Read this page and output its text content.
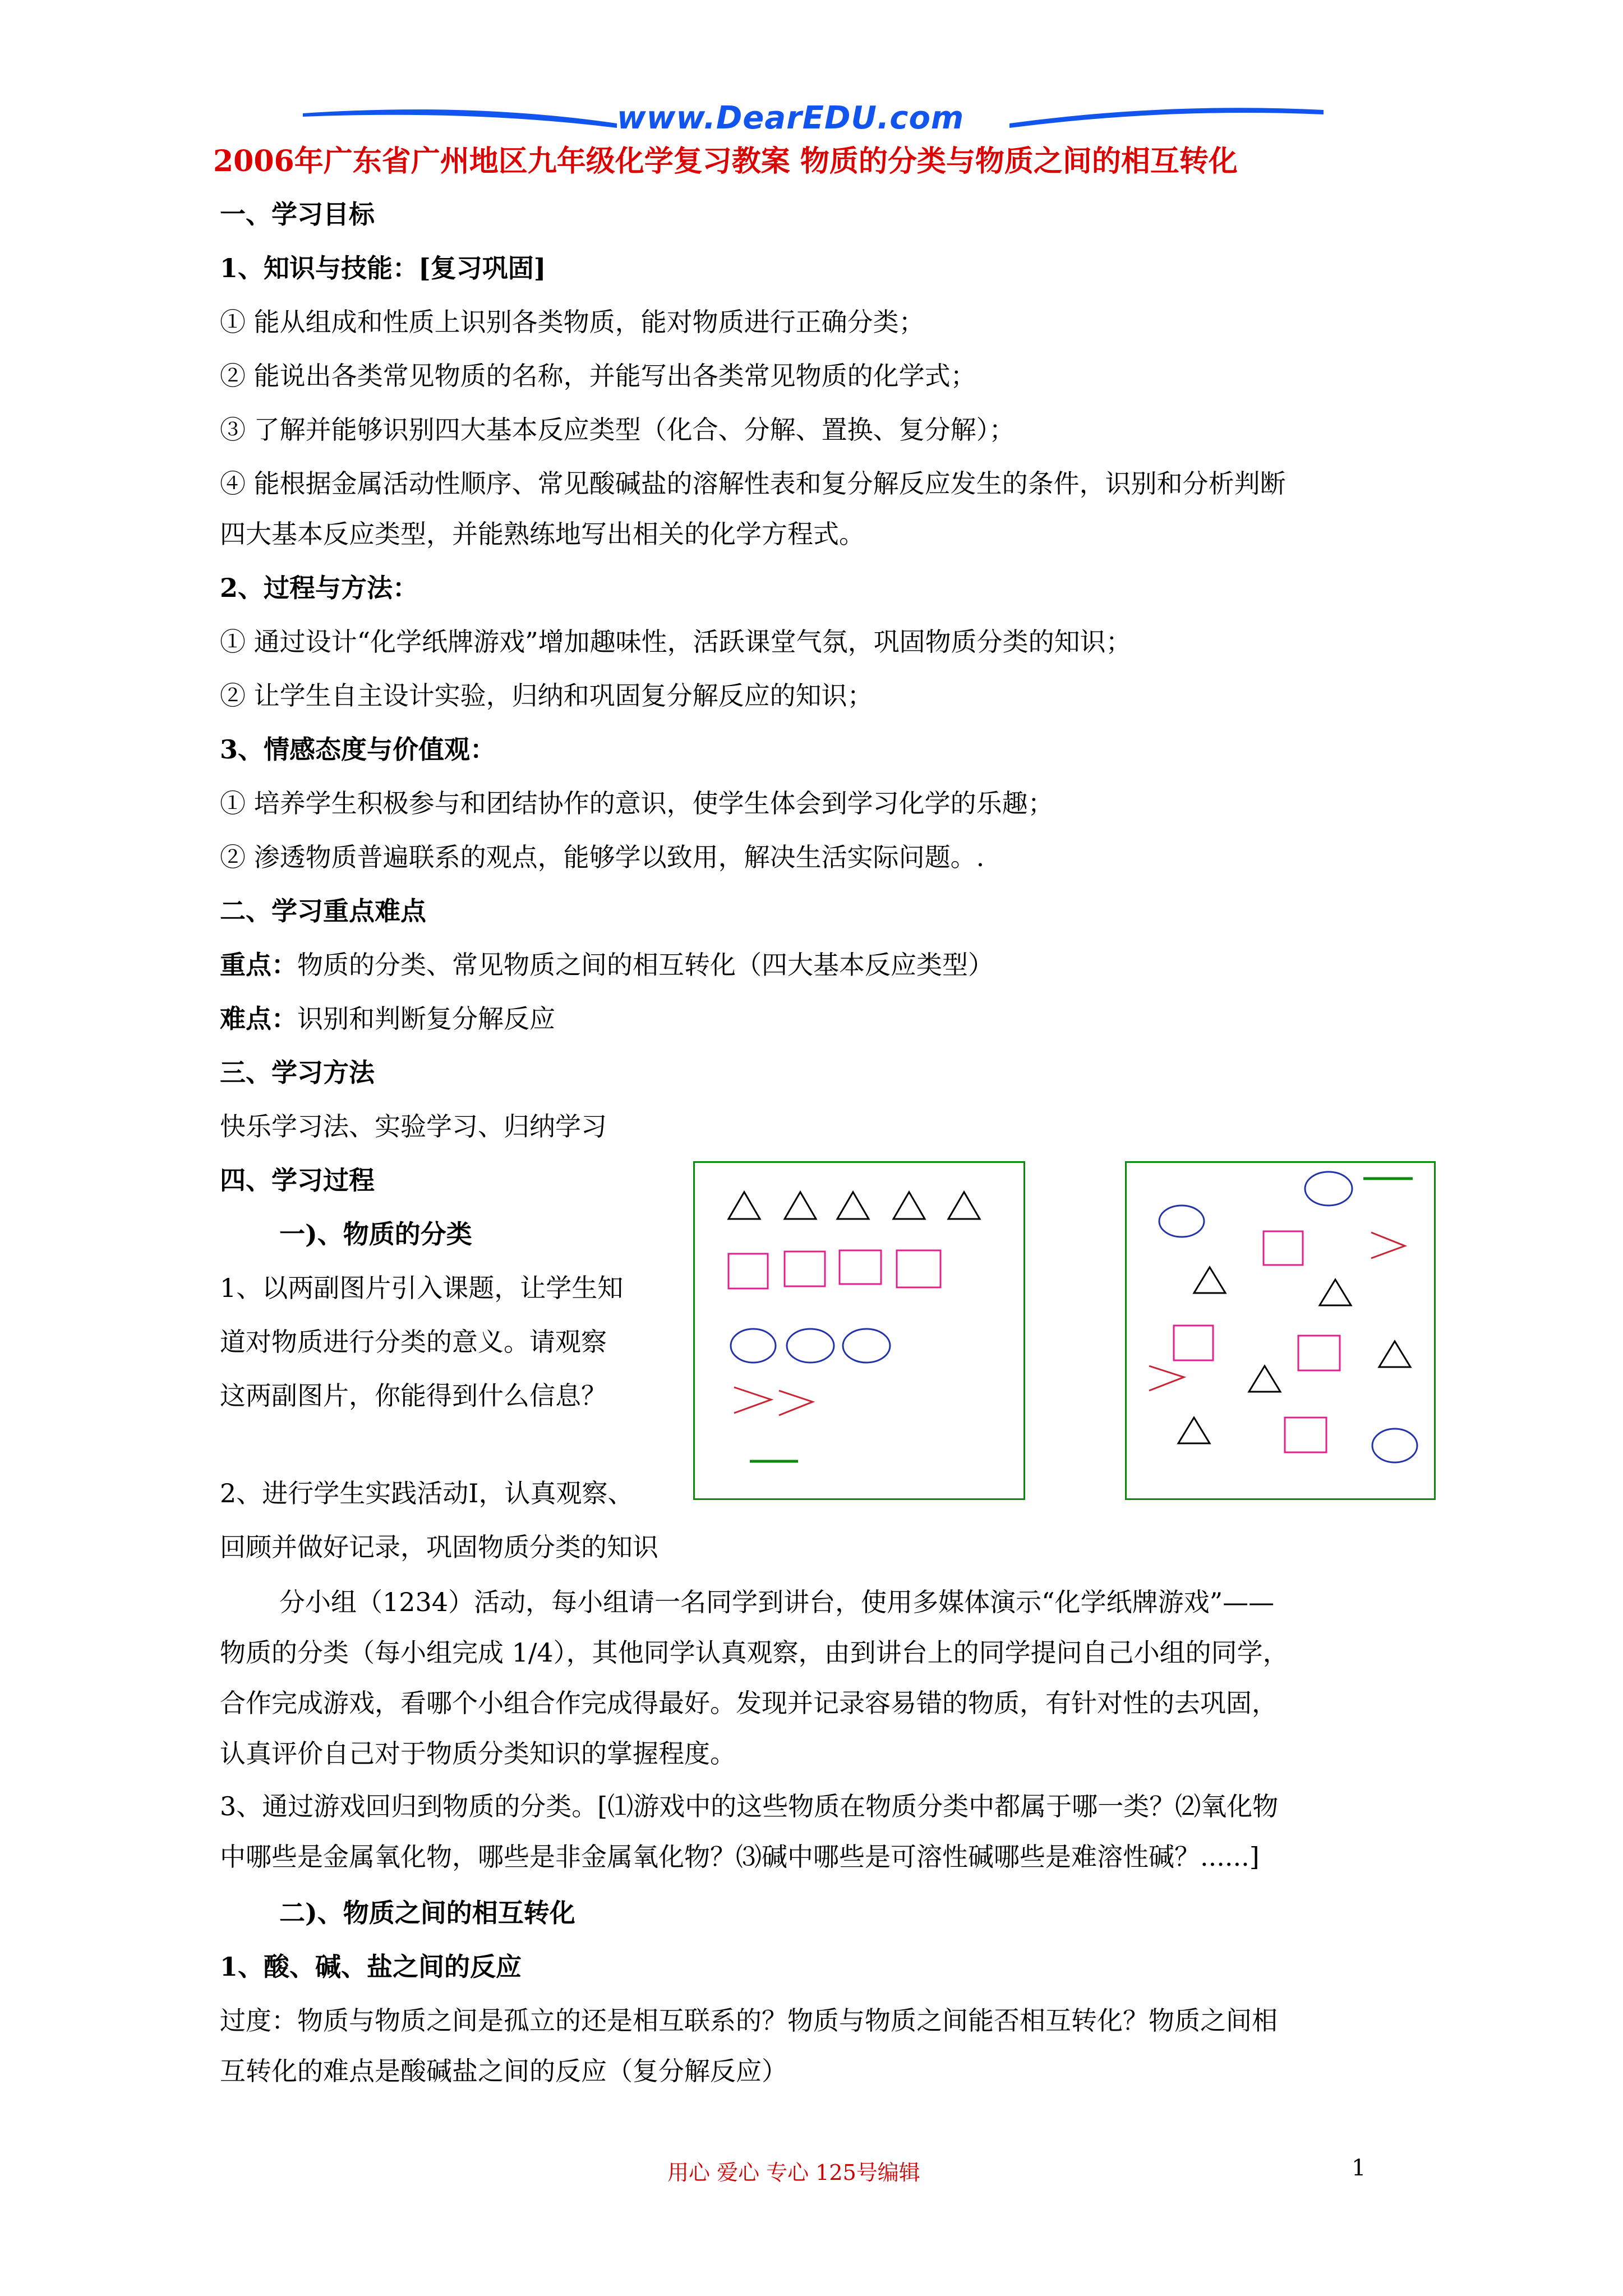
www.DearEDU.com
2006年广东省广州地区九年级化学复习教案 物质的分类与物质之间的相互转化
一、学习目标
1、知识与技能：[复习巩固]
① 能从组成和性质上识别各类物质，能对物质进行正确分类；
② 能说出各类常见物质的名称，并能写出各类常见物质的化学式；
③ 了解并能够识别四大基本反应类型（化合、分解、置换、复分解）；
④ 能根据金属活动性顺序、常见酸碱盐的溶解性表和复分解反应发生的条件，识别和分析判断
四大基本反应类型，并能熟练地写出相关的化学方程式。
2、过程与方法：
① 通过设计“化学纸牌游戏”增加趣味性，活跃课堂气氛，巩固物质分类的知识；
② 让学生自主设计实验，归纳和巩固复分解反应的知识；
3、情感态度与价值观：
① 培养学生积极参与和团结协作的意识，使学生体会到学习化学的乐趣；
② 渗透物质普遍联系的观点，能够学以致用，解决生活实际问题。.
二、学习重点难点
重点：物质的分类、常见物质之间的相互转化（四大基本反应类型）
难点：识别和判断复分解反应
三、学习方法
快乐学习法、实验学习、归纳学习
四、学习过程
一)、物质的分类
1、以两副图片引入课题，让学生知
道对物质进行分类的意义。请观察
这两副图片，你能得到什么信息？
2、进行学生实践活动Ⅰ，认真观察、
回顾并做好记录，巩固物质分类的知识
分小组（1234）活动，每小组请一名同学到讲台，使用多媒体演示“化学纸牌游戏”——
物质的分类（每小组完成 1/4），其他同学认真观察，由到讲台上的同学提问自己小组的同学，
合作完成游戏，看哪个小组合作完成得最好。发现并记录容易错的物质，有针对性的去巩固，
认真评价自己对于物质分类知识的掌握程度。
3、通过游戏回归到物质的分类。[⑴游戏中的这些物质在物质分类中都属于哪一类？⑵氧化物
中哪些是金属氧化物，哪些是非金属氧化物？⑶碱中哪些是可溶性碱哪些是难溶性碱？......]
二)、物质之间的相互转化
1、酸、碱、盐之间的反应
过度：物质与物质之间是孤立的还是相互联系的？物质与物质之间能否相互转化？物质之间相
互转化的难点是酸碱盐之间的反应（复分解反应）
用心 爱心 专心 125号编辑	1
